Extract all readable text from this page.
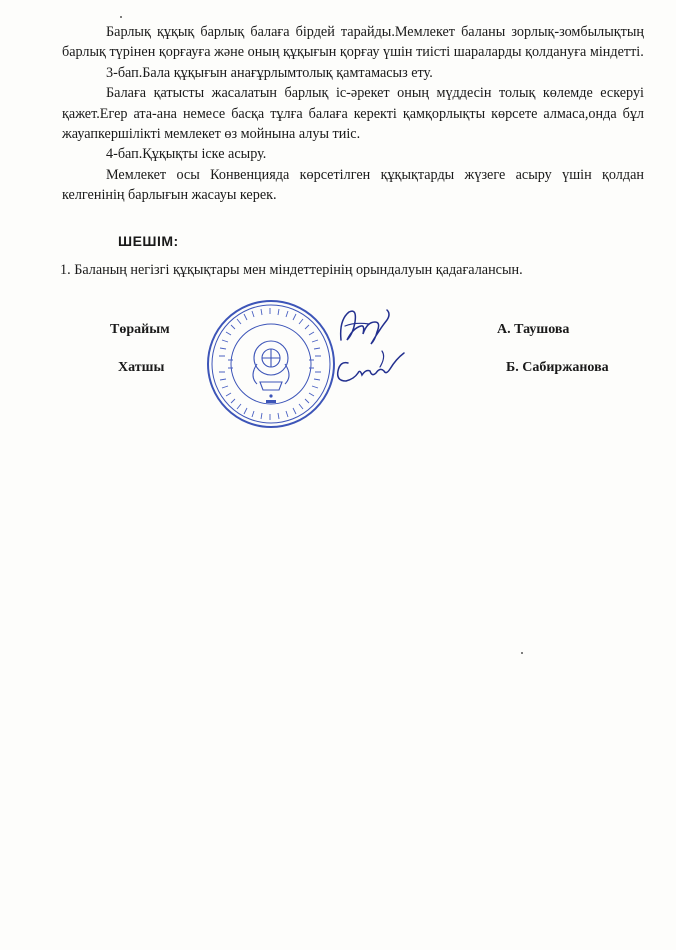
Барлық құқық барлық балаға бірдей тарайды.Мемлекет баланы зорлық-зомбылықтың барлық түрінен қорғауға және оның құқығын қорғау үшін тиісті шараларды қолдануға міндетті.

3-бап.Бала құқығын анағұрлымтолық қамтамасыз ету.

Балаға қатысты жасалатын барлық іс-әрекет оның мүддесін толық көлемде ескеруі қажет.Егер ата-ана немесе басқа тұлға балаға керекті қамқорлықты көрсете алмаса,онда бұл жауапкершілікті мемлекет өз мойнына алуы тиіс.

4-бап.Құқықты іске асыру.

Мемлекет осы Конвенцияда көрсетілген құқықтарды жүзеге асыру үшін қолдан келгенінің барлығын жасауы керек.

ШЕШІМ:
1. Баланың негізгі құқықтары мен міндеттерінің орындалуын қадағалансын.
Төрайым	А. Таушова
Хатшы	Б. Сабиржанова
